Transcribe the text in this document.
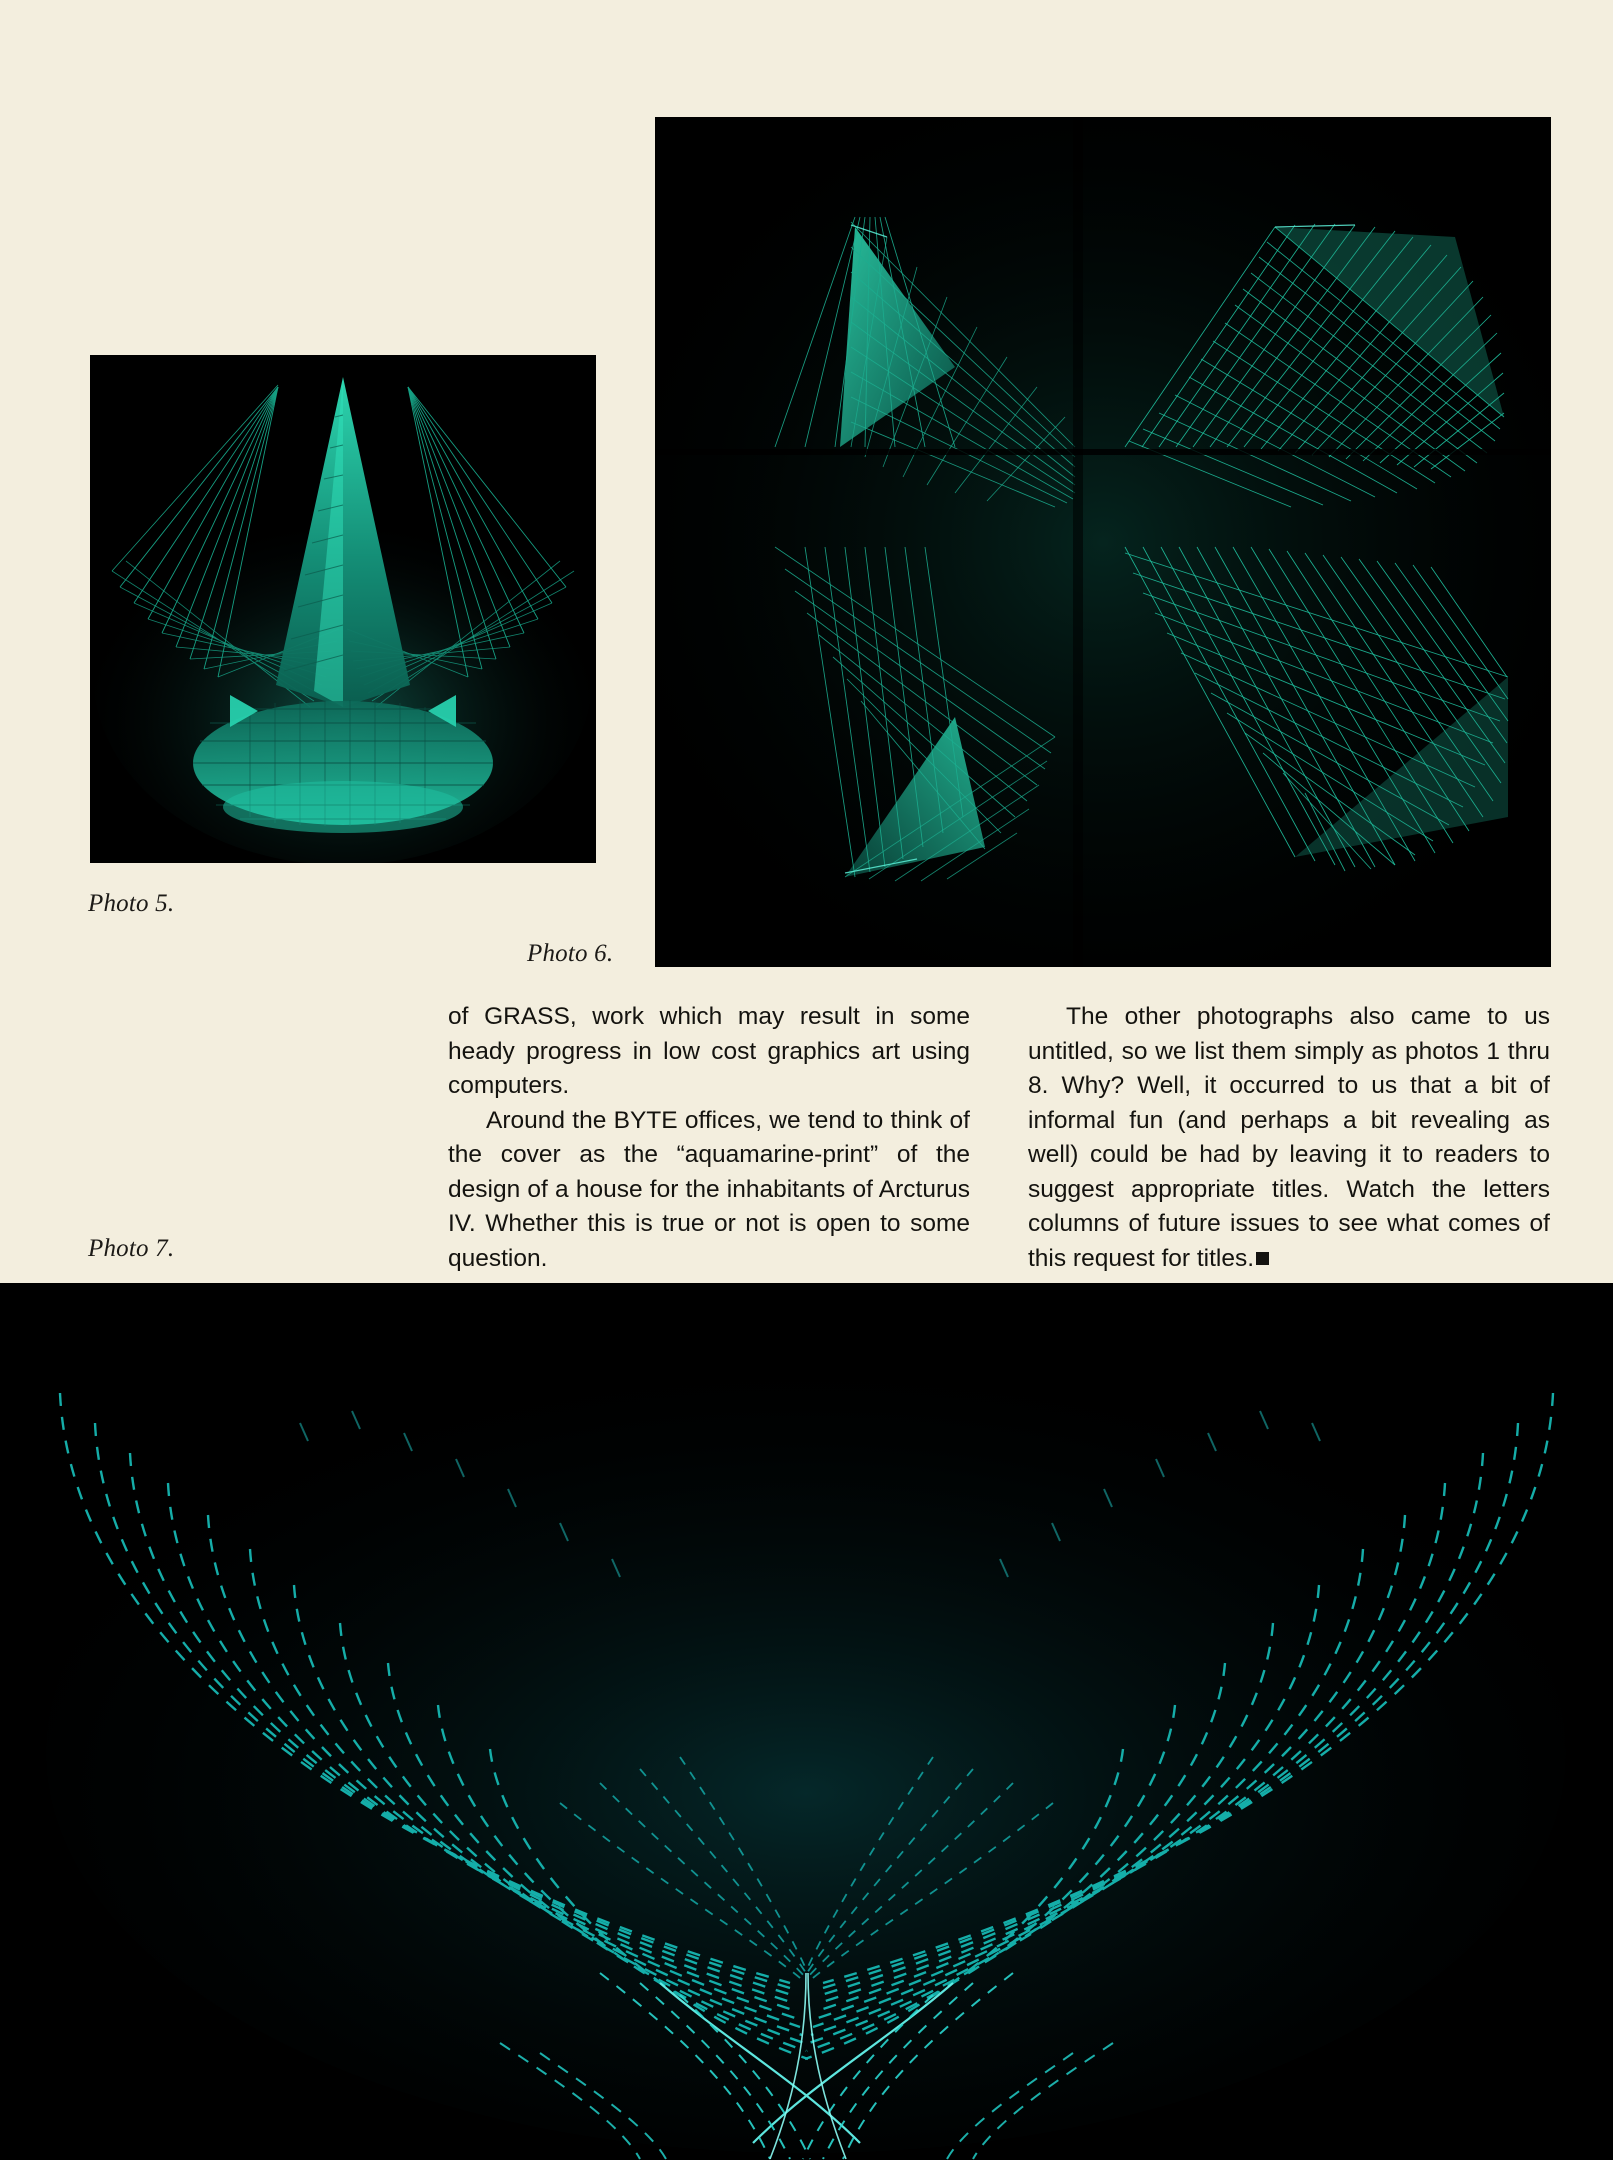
Photo 5.
Photo 6.

of GRASS, work which may result in some heady progress in low cost graphics art using computers.

Around the BYTE offices, we tend to think of the cover as the “aquamarine-print” of the design of a house for the inhabitants of Arcturus IV. Whether this is true or not is open to some question.

The other photographs also came to us untitled, so we list them simply as photos 1 thru 8. Why? Well, it occurred to us that a bit of informal fun (and perhaps a bit revealing as well) could be had by leaving it to readers to suggest appropriate titles. Watch the letters columns of future issues to see what comes of this request for titles.

Photo 7.
